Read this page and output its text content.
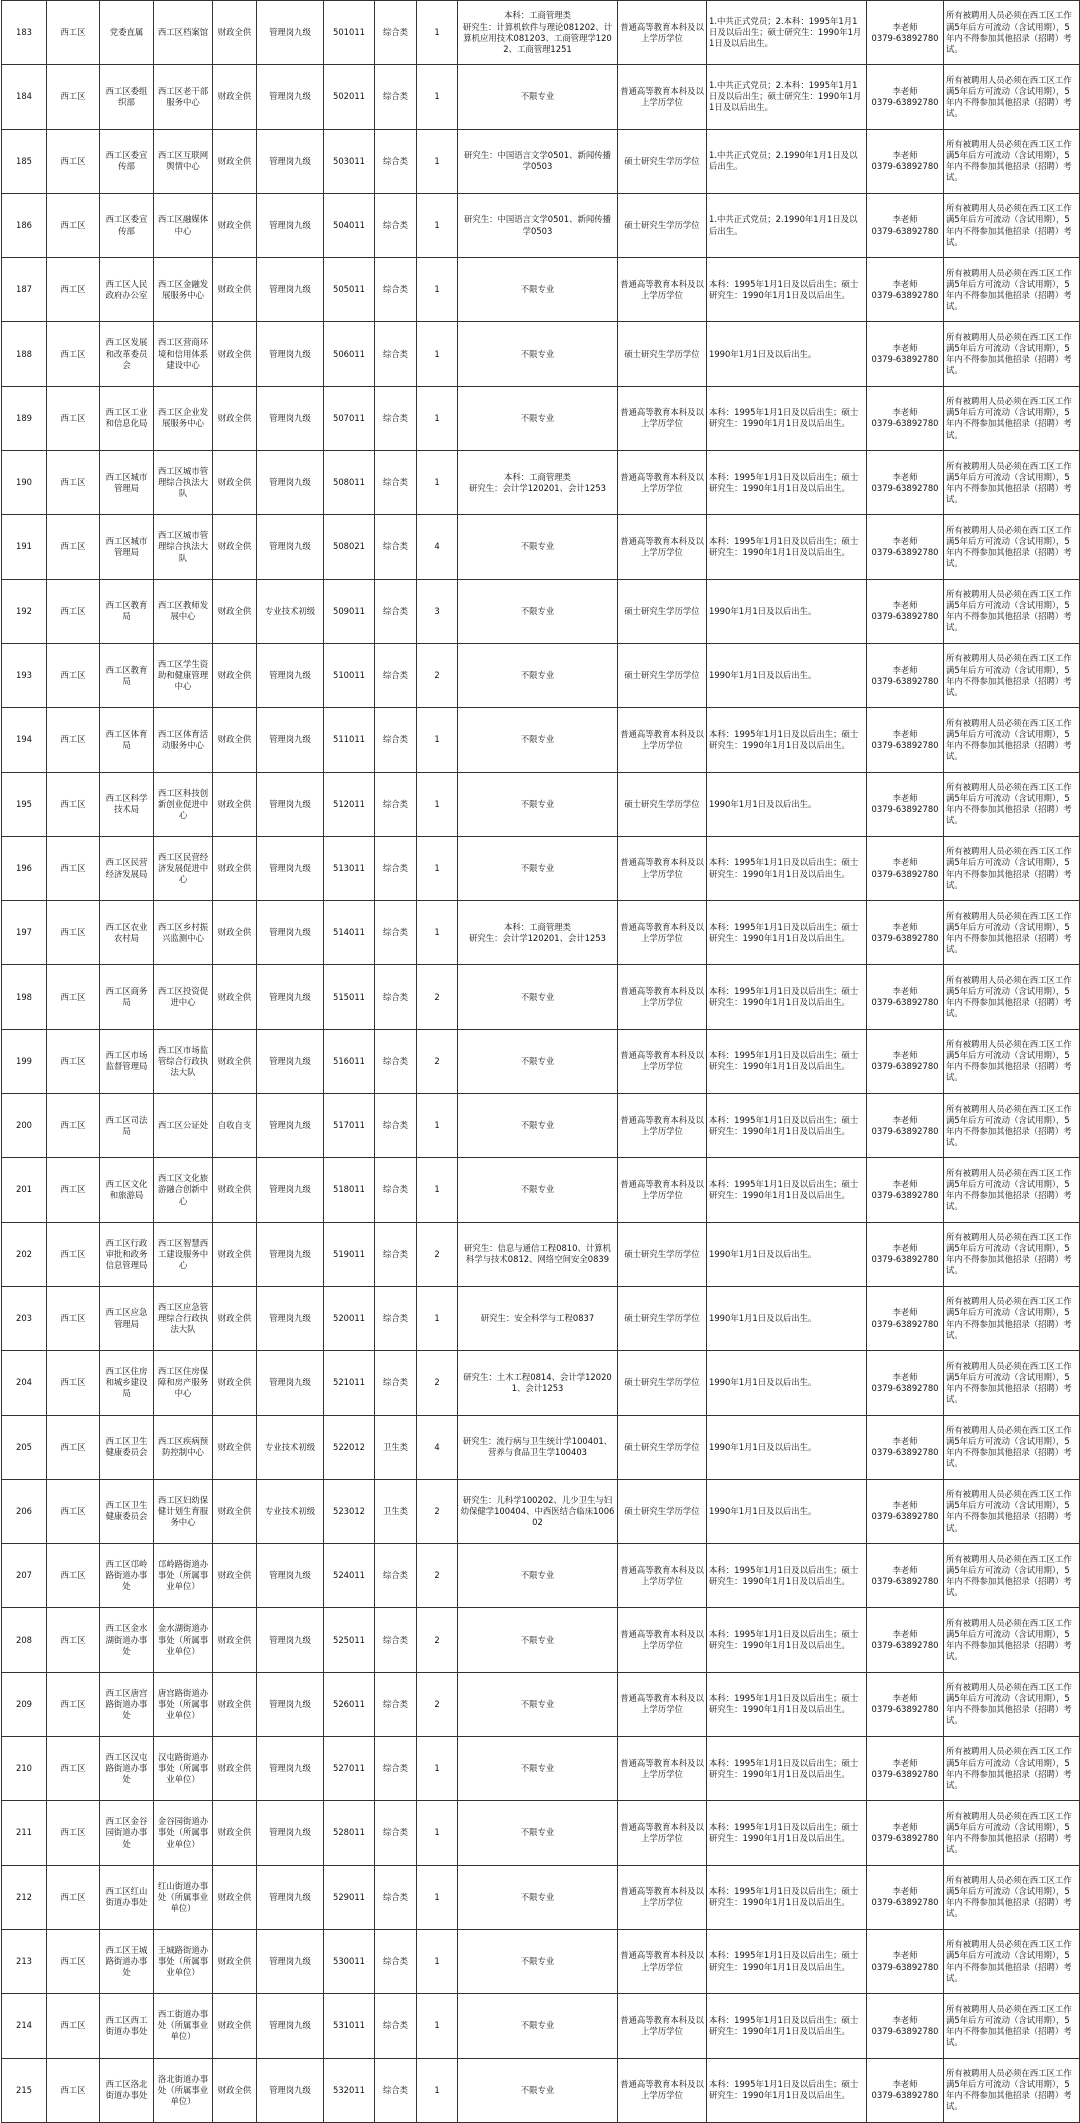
183	西工区	党委直属	西工区档案馆	财政全供	管理岗九级	501011	综合类	1	本科：工商管理类
研究生：计算机软件与理论081202、计算机应用技术081203、工商管理学1202、工商管理1251	普通高等教育本科及以上学历学位	1.中共正式党员；2.本科：1995年1月1日及以后出生；硕士研究生：1990年1月1日及以后出生。	李老师
0379-63892780	所有被聘用人员必须在西工区工作满5年后方可流动（含试用期），5年内不得参加其他招录（招聘）考试。
184	西工区	西工区委组织部	西工区老干部服务中心	财政全供	管理岗九级	502011	综合类	1	不限专业	普通高等教育本科及以上学历学位	1.中共正式党员；2.本科：1995年1月1日及以后出生；硕士研究生：1990年1月1日及以后出生。	李老师
0379-63892780	所有被聘用人员必须在西工区工作满5年后方可流动（含试用期），5年内不得参加其他招录（招聘）考试。
185	西工区	西工区委宣传部	西工区互联网舆情中心	财政全供	管理岗九级	503011	综合类	1	研究生：中国语言文学0501、新闻传播学0503	硕士研究生学历学位	1.中共正式党员；2.1990年1月1日及以后出生。	李老师
0379-63892780	所有被聘用人员必须在西工区工作满5年后方可流动（含试用期），5年内不得参加其他招录（招聘）考试。
186	西工区	西工区委宣传部	西工区融媒体中心	财政全供	管理岗九级	504011	综合类	1	研究生：中国语言文学0501、新闻传播学0503	硕士研究生学历学位	1.中共正式党员；2.1990年1月1日及以后出生。	李老师
0379-63892780	所有被聘用人员必须在西工区工作满5年后方可流动（含试用期），5年内不得参加其他招录（招聘）考试。
187	西工区	西工区人民政府办公室	西工区金融发展服务中心	财政全供	管理岗九级	505011	综合类	1	不限专业	普通高等教育本科及以上学历学位	本科：1995年1月1日及以后出生；硕士研究生：1990年1月1日及以后出生。	李老师
0379-63892780	所有被聘用人员必须在西工区工作满5年后方可流动（含试用期），5年内不得参加其他招录（招聘）考试。
188	西工区	西工区发展和改革委员会	西工区营商环境和信用体系建设中心	财政全供	管理岗九级	506011	综合类	1	不限专业	硕士研究生学历学位	1990年1月1日及以后出生。	李老师
0379-63892780	所有被聘用人员必须在西工区工作满5年后方可流动（含试用期），5年内不得参加其他招录（招聘）考试。
189	西工区	西工区工业和信息化局	西工区企业发展服务中心	财政全供	管理岗九级	507011	综合类	1	不限专业	普通高等教育本科及以上学历学位	本科：1995年1月1日及以后出生；硕士研究生：1990年1月1日及以后出生。	李老师
0379-63892780	所有被聘用人员必须在西工区工作满5年后方可流动（含试用期），5年内不得参加其他招录（招聘）考试。
190	西工区	西工区城市管理局	西工区城市管理综合执法大队	财政全供	管理岗九级	508011	综合类	1	本科：工商管理类
研究生：会计学120201、会计1253	普通高等教育本科及以上学历学位	本科：1995年1月1日及以后出生；硕士研究生：1990年1月1日及以后出生。	李老师
0379-63892780	所有被聘用人员必须在西工区工作满5年后方可流动（含试用期），5年内不得参加其他招录（招聘）考试。
191	西工区	西工区城市管理局	西工区城市管理综合执法大队	财政全供	管理岗九级	508021	综合类	4	不限专业	普通高等教育本科及以上学历学位	本科：1995年1月1日及以后出生；硕士研究生：1990年1月1日及以后出生。	李老师
0379-63892780	所有被聘用人员必须在西工区工作满5年后方可流动（含试用期），5年内不得参加其他招录（招聘）考试。
192	西工区	西工区教育局	西工区教师发展中心	财政全供	专业技术初级	509011	综合类	3	不限专业	硕士研究生学历学位	1990年1月1日及以后出生。	李老师
0379-63892780	所有被聘用人员必须在西工区工作满5年后方可流动（含试用期），5年内不得参加其他招录（招聘）考试。
193	西工区	西工区教育局	西工区学生资助和健康管理中心	财政全供	管理岗九级	510011	综合类	2	不限专业	硕士研究生学历学位	1990年1月1日及以后出生。	李老师
0379-63892780	所有被聘用人员必须在西工区工作满5年后方可流动（含试用期），5年内不得参加其他招录（招聘）考试。
194	西工区	西工区体育局	西工区体育活动服务中心	财政全供	管理岗九级	511011	综合类	1	不限专业	普通高等教育本科及以上学历学位	本科：1995年1月1日及以后出生；硕士研究生：1990年1月1日及以后出生。	李老师
0379-63892780	所有被聘用人员必须在西工区工作满5年后方可流动（含试用期），5年内不得参加其他招录（招聘）考试。
195	西工区	西工区科学技术局	西工区科技创新创业促进中心	财政全供	管理岗九级	512011	综合类	1	不限专业	硕士研究生学历学位	1990年1月1日及以后出生。	李老师
0379-63892780	所有被聘用人员必须在西工区工作满5年后方可流动（含试用期），5年内不得参加其他招录（招聘）考试。
196	西工区	西工区民营经济发展局	西工区民营经济发展促进中心	财政全供	管理岗九级	513011	综合类	1	不限专业	普通高等教育本科及以上学历学位	本科：1995年1月1日及以后出生；硕士研究生：1990年1月1日及以后出生。	李老师
0379-63892780	所有被聘用人员必须在西工区工作满5年后方可流动（含试用期），5年内不得参加其他招录（招聘）考试。
197	西工区	西工区农业农村局	西工区乡村振兴监测中心	财政全供	管理岗九级	514011	综合类	1	本科：工商管理类
研究生：会计学120201、会计1253	普通高等教育本科及以上学历学位	本科：1995年1月1日及以后出生；硕士研究生：1990年1月1日及以后出生。	李老师
0379-63892780	所有被聘用人员必须在西工区工作满5年后方可流动（含试用期），5年内不得参加其他招录（招聘）考试。
198	西工区	西工区商务局	西工区投资促进中心	财政全供	管理岗九级	515011	综合类	2	不限专业	普通高等教育本科及以上学历学位	本科：1995年1月1日及以后出生；硕士研究生：1990年1月1日及以后出生。	李老师
0379-63892780	所有被聘用人员必须在西工区工作满5年后方可流动（含试用期），5年内不得参加其他招录（招聘）考试。
199	西工区	西工区市场监督管理局	西工区市场监管综合行政执法大队	财政全供	管理岗九级	516011	综合类	2	不限专业	普通高等教育本科及以上学历学位	本科：1995年1月1日及以后出生；硕士研究生：1990年1月1日及以后出生。	李老师
0379-63892780	所有被聘用人员必须在西工区工作满5年后方可流动（含试用期），5年内不得参加其他招录（招聘）考试。
200	西工区	西工区司法局	西工区公证处	自收自支	管理岗九级	517011	综合类	1	不限专业	普通高等教育本科及以上学历学位	本科：1995年1月1日及以后出生；硕士研究生：1990年1月1日及以后出生。	李老师
0379-63892780	所有被聘用人员必须在西工区工作满5年后方可流动（含试用期），5年内不得参加其他招录（招聘）考试。
201	西工区	西工区文化和旅游局	西工区文化旅游融合创新中心	财政全供	管理岗九级	518011	综合类	1	不限专业	普通高等教育本科及以上学历学位	本科：1995年1月1日及以后出生；硕士研究生：1990年1月1日及以后出生。	李老师
0379-63892780	所有被聘用人员必须在西工区工作满5年后方可流动（含试用期），5年内不得参加其他招录（招聘）考试。
202	西工区	西工区行政审批和政务信息管理局	西工区智慧西工建设服务中心	财政全供	管理岗九级	519011	综合类	2	研究生：信息与通信工程0810、计算机科学与技术0812、网络空间安全0839	硕士研究生学历学位	1990年1月1日及以后出生。	李老师
0379-63892780	所有被聘用人员必须在西工区工作满5年后方可流动（含试用期），5年内不得参加其他招录（招聘）考试。
203	西工区	西工区应急管理局	西工区应急管理综合行政执法大队	财政全供	管理岗九级	520011	综合类	1	研究生：安全科学与工程0837	硕士研究生学历学位	1990年1月1日及以后出生。	李老师
0379-63892780	所有被聘用人员必须在西工区工作满5年后方可流动（含试用期），5年内不得参加其他招录（招聘）考试。
204	西工区	西工区住房和城乡建设局	西工区住房保障和房产服务中心	财政全供	管理岗九级	521011	综合类	2	研究生：土木工程0814、会计学120201、会计1253	硕士研究生学历学位	1990年1月1日及以后出生。	李老师
0379-63892780	所有被聘用人员必须在西工区工作满5年后方可流动（含试用期），5年内不得参加其他招录（招聘）考试。
205	西工区	西工区卫生健康委员会	西工区疾病预防控制中心	财政全供	专业技术初级	522012	卫生类	4	研究生：流行病与卫生统计学100401、营养与食品卫生学100403	硕士研究生学历学位	1990年1月1日及以后出生。	李老师
0379-63892780	所有被聘用人员必须在西工区工作满5年后方可流动（含试用期），5年内不得参加其他招录（招聘）考试。
206	西工区	西工区卫生健康委员会	西工区妇幼保健计划生育服务中心	财政全供	专业技术初级	523012	卫生类	2	研究生：儿科学100202、儿少卫生与妇幼保健学100404、中西医结合临床100602	硕士研究生学历学位	1990年1月1日及以后出生。	李老师
0379-63892780	所有被聘用人员必须在西工区工作满5年后方可流动（含试用期），5年内不得参加其他招录（招聘）考试。
207	西工区	西工区邙岭路街道办事处	邙岭路街道办事处（所属事业单位）	财政全供	管理岗九级	524011	综合类	2	不限专业	普通高等教育本科及以上学历学位	本科：1995年1月1日及以后出生；硕士研究生：1990年1月1日及以后出生。	李老师
0379-63892780	所有被聘用人员必须在西工区工作满5年后方可流动（含试用期），5年内不得参加其他招录（招聘）考试。
208	西工区	西工区金水湖街道办事处	金水湖街道办事处（所属事业单位）	财政全供	管理岗九级	525011	综合类	2	不限专业	普通高等教育本科及以上学历学位	本科：1995年1月1日及以后出生；硕士研究生：1990年1月1日及以后出生。	李老师
0379-63892780	所有被聘用人员必须在西工区工作满5年后方可流动（含试用期），5年内不得参加其他招录（招聘）考试。
209	西工区	西工区唐宫路街道办事处	唐宫路街道办事处（所属事业单位）	财政全供	管理岗九级	526011	综合类	2	不限专业	普通高等教育本科及以上学历学位	本科：1995年1月1日及以后出生；硕士研究生：1990年1月1日及以后出生。	李老师
0379-63892780	所有被聘用人员必须在西工区工作满5年后方可流动（含试用期），5年内不得参加其他招录（招聘）考试。
210	西工区	西工区汉屯路街道办事处	汉屯路街道办事处（所属事业单位）	财政全供	管理岗九级	527011	综合类	1	不限专业	普通高等教育本科及以上学历学位	本科：1995年1月1日及以后出生；硕士研究生：1990年1月1日及以后出生。	李老师
0379-63892780	所有被聘用人员必须在西工区工作满5年后方可流动（含试用期），5年内不得参加其他招录（招聘）考试。
211	西工区	西工区金谷园街道办事处	金谷园街道办事处（所属事业单位）	财政全供	管理岗九级	528011	综合类	1	不限专业	普通高等教育本科及以上学历学位	本科：1995年1月1日及以后出生；硕士研究生：1990年1月1日及以后出生。	李老师
0379-63892780	所有被聘用人员必须在西工区工作满5年后方可流动（含试用期），5年内不得参加其他招录（招聘）考试。
212	西工区	西工区红山街道办事处	红山街道办事处（所属事业单位）	财政全供	管理岗九级	529011	综合类	1	不限专业	普通高等教育本科及以上学历学位	本科：1995年1月1日及以后出生；硕士研究生：1990年1月1日及以后出生。	李老师
0379-63892780	所有被聘用人员必须在西工区工作满5年后方可流动（含试用期），5年内不得参加其他招录（招聘）考试。
213	西工区	西工区王城路街道办事处	王城路街道办事处（所属事业单位）	财政全供	管理岗九级	530011	综合类	1	不限专业	普通高等教育本科及以上学历学位	本科：1995年1月1日及以后出生；硕士研究生：1990年1月1日及以后出生。	李老师
0379-63892780	所有被聘用人员必须在西工区工作满5年后方可流动（含试用期），5年内不得参加其他招录（招聘）考试。
214	西工区	西工区西工街道办事处	西工街道办事处（所属事业单位）	财政全供	管理岗九级	531011	综合类	1	不限专业	普通高等教育本科及以上学历学位	本科：1995年1月1日及以后出生；硕士研究生：1990年1月1日及以后出生。	李老师
0379-63892780	所有被聘用人员必须在西工区工作满5年后方可流动（含试用期），5年内不得参加其他招录（招聘）考试。
215	西工区	西工区洛北街道办事处	洛北街道办事处（所属事业单位）	财政全供	管理岗九级	532011	综合类	1	不限专业	普通高等教育本科及以上学历学位	本科：1995年1月1日及以后出生；硕士研究生：1990年1月1日及以后出生。	李老师
0379-63892780	所有被聘用人员必须在西工区工作满5年后方可流动（含试用期），5年内不得参加其他招录（招聘）考试。
